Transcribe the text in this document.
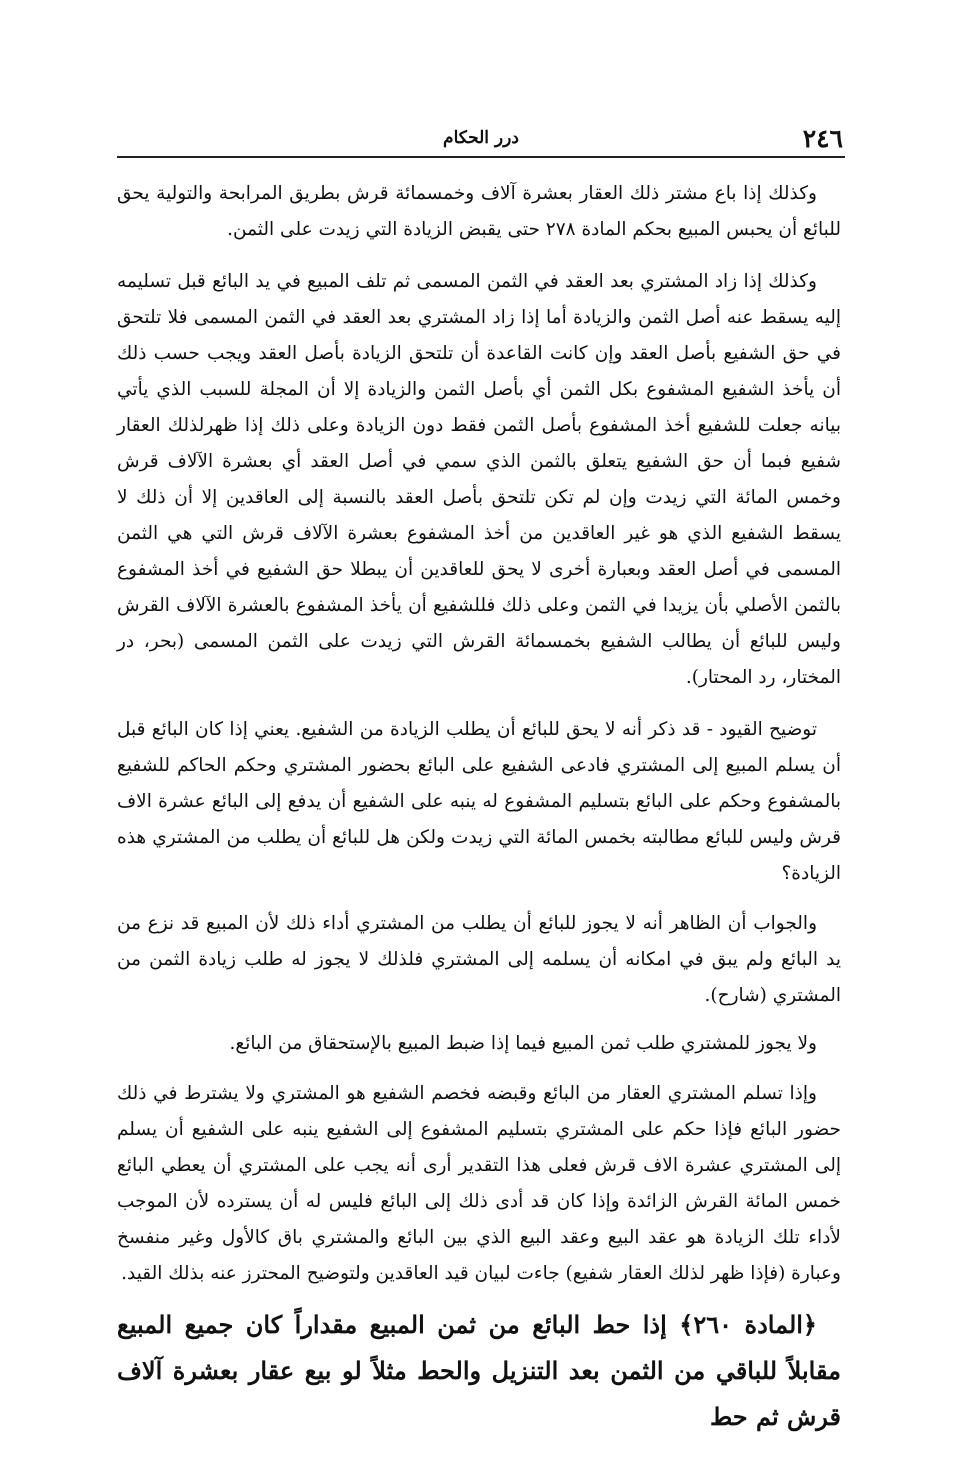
٢٤٦
درر الحكام

وكذلك إذا باع مشتر ذلك العقار بعشرة آلاف وخمسمائة قرش بطريق المرابحة والتولية يحق للبائع أن يحبس المبيع بحكم المادة ٢٧٨ حتى يقبض الزيادة التي زيدت على الثمن.

وكذلك إذا زاد المشتري بعد العقد في الثمن المسمى ثم تلف المبيع في يد البائع قبل تسليمه إليه يسقط عنه أصل الثمن والزيادة أما إذا زاد المشتري بعد العقد في الثمن المسمى فلا تلتحق في حق الشفيع بأصل العقد وإن كانت القاعدة أن تلتحق الزيادة بأصل العقد ويجب حسب ذلك أن يأخذ الشفيع المشفوع بكل الثمن أي بأصل الثمن والزيادة إلا أن المجلة للسبب الذي يأتي بيانه جعلت للشفيع أخذ المشفوع بأصل الثمن فقط دون الزيادة وعلى ذلك إذا ظهرلذلك العقار شفيع فبما أن حق الشفيع يتعلق بالثمن الذي سمي في أصل العقد أي بعشرة الآلاف قرش وخمس المائة التي زيدت وإن لم تكن تلتحق بأصل العقد بالنسبة إلى العاقدين إلا أن ذلك لا يسقط الشفيع الذي هو غير العاقدين من أخذ المشفوع بعشرة الآلاف قرش التي هي الثمن المسمى في أصل العقد وبعبارة أخرى لا يحق للعاقدين أن يبطلا حق الشفيع في أخذ المشفوع بالثمن الأصلي بأن يزيدا في الثمن وعلى ذلك فللشفيع أن يأخذ المشفوع بالعشرة الآلاف القرش وليس للبائع أن يطالب الشفيع بخمسمائة القرش التي زيدت على الثمن المسمى (بحر، در المختار، رد المحتار).

توضيح القيود - قد ذكر أنه لا يحق للبائع أن يطلب الزيادة من الشفيع. يعني إذا كان البائع قبل أن يسلم المبيع إلى المشتري فادعى الشفيع على البائع بحضور المشتري وحكم الحاكم للشفيع بالمشفوع وحكم على البائع بتسليم المشفوع له ينبه على الشفيع أن يدفع إلى البائع عشرة الاف قرش وليس للبائع مطالبته بخمس المائة التي زيدت ولكن هل للبائع أن يطلب من المشتري هذه الزيادة؟

والجواب أن الظاهر أنه لا يجوز للبائع أن يطلب من المشتري أداء ذلك لأن المبيع قد نزع من يد البائع ولم يبق في امكانه أن يسلمه إلى المشتري فلذلك لا يجوز له طلب زيادة الثمن من المشتري (شارح).

ولا يجوز للمشتري طلب ثمن المبيع فيما إذا ضبط المبيع بالإستحقاق من البائع.

وإذا تسلم المشتري العقار من البائع وقبضه فخصم الشفيع هو المشتري ولا يشترط في ذلك حضور البائع فإذا حكم على المشتري بتسليم المشفوع إلى الشفيع ينبه على الشفيع أن يسلم إلى المشتري عشرة الاف قرش فعلى هذا التقدير أرى أنه يجب على المشتري أن يعطي البائع خمس المائة القرش الزائدة وإذا كان قد أدى ذلك إلى البائع فليس له أن يسترده لأن الموجب لأداء تلك الزيادة هو عقد البيع وعقد البيع الذي بين البائع والمشتري باق كالأول وغير منفسخ وعبارة (فإذا ظهر لذلك العقار شفيع) جاءت لبيان قيد العاقدين ولتوضيح المحترز عنه بذلك القيد.

﴿المادة ٢٦٠﴾ إذا حط البائع من ثمن المبيع مقداراً كان جميع المبيع مقابلاً للباقي من الثمن بعد التنزيل والحط مثلاً لو بيع عقار بعشرة آلاف قرش ثم حط
